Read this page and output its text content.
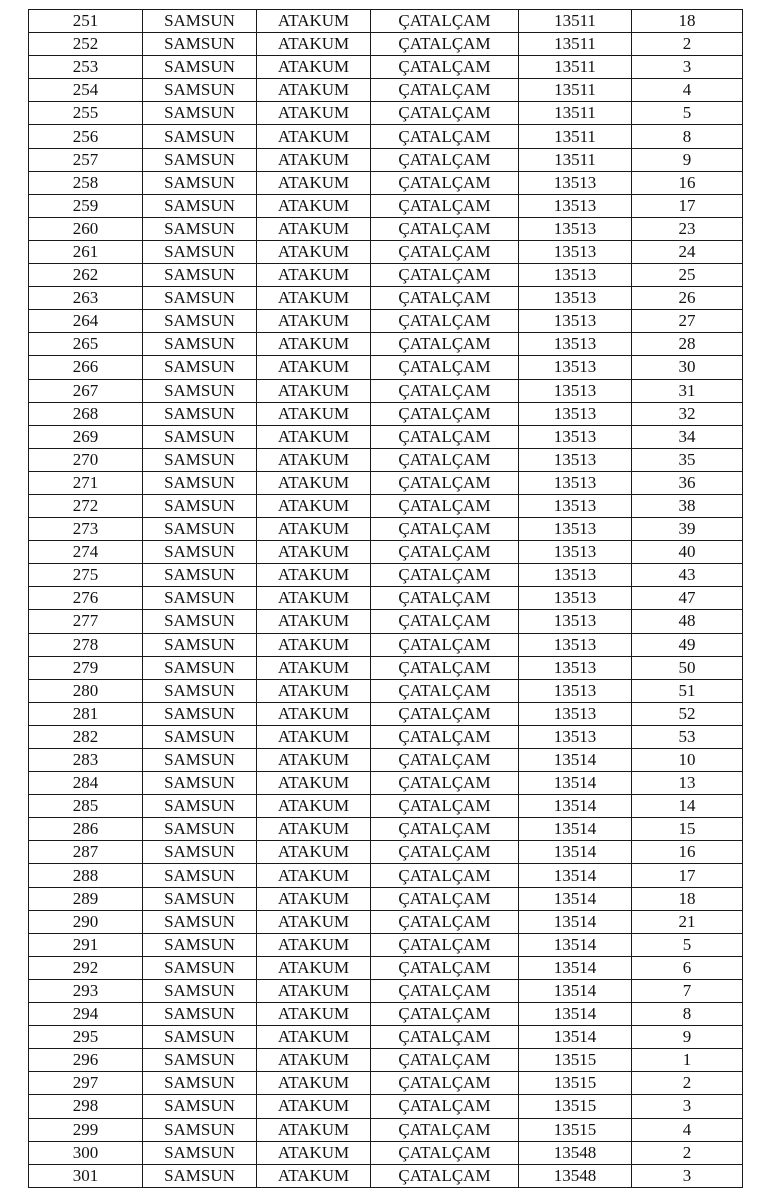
251	SAMSUN	ATAKUM	ÇATALÇAM	13511	18
252	SAMSUN	ATAKUM	ÇATALÇAM	13511	2
253	SAMSUN	ATAKUM	ÇATALÇAM	13511	3
254	SAMSUN	ATAKUM	ÇATALÇAM	13511	4
255	SAMSUN	ATAKUM	ÇATALÇAM	13511	5
256	SAMSUN	ATAKUM	ÇATALÇAM	13511	8
257	SAMSUN	ATAKUM	ÇATALÇAM	13511	9
258	SAMSUN	ATAKUM	ÇATALÇAM	13513	16
259	SAMSUN	ATAKUM	ÇATALÇAM	13513	17
260	SAMSUN	ATAKUM	ÇATALÇAM	13513	23
261	SAMSUN	ATAKUM	ÇATALÇAM	13513	24
262	SAMSUN	ATAKUM	ÇATALÇAM	13513	25
263	SAMSUN	ATAKUM	ÇATALÇAM	13513	26
264	SAMSUN	ATAKUM	ÇATALÇAM	13513	27
265	SAMSUN	ATAKUM	ÇATALÇAM	13513	28
266	SAMSUN	ATAKUM	ÇATALÇAM	13513	30
267	SAMSUN	ATAKUM	ÇATALÇAM	13513	31
268	SAMSUN	ATAKUM	ÇATALÇAM	13513	32
269	SAMSUN	ATAKUM	ÇATALÇAM	13513	34
270	SAMSUN	ATAKUM	ÇATALÇAM	13513	35
271	SAMSUN	ATAKUM	ÇATALÇAM	13513	36
272	SAMSUN	ATAKUM	ÇATALÇAM	13513	38
273	SAMSUN	ATAKUM	ÇATALÇAM	13513	39
274	SAMSUN	ATAKUM	ÇATALÇAM	13513	40
275	SAMSUN	ATAKUM	ÇATALÇAM	13513	43
276	SAMSUN	ATAKUM	ÇATALÇAM	13513	47
277	SAMSUN	ATAKUM	ÇATALÇAM	13513	48
278	SAMSUN	ATAKUM	ÇATALÇAM	13513	49
279	SAMSUN	ATAKUM	ÇATALÇAM	13513	50
280	SAMSUN	ATAKUM	ÇATALÇAM	13513	51
281	SAMSUN	ATAKUM	ÇATALÇAM	13513	52
282	SAMSUN	ATAKUM	ÇATALÇAM	13513	53
283	SAMSUN	ATAKUM	ÇATALÇAM	13514	10
284	SAMSUN	ATAKUM	ÇATALÇAM	13514	13
285	SAMSUN	ATAKUM	ÇATALÇAM	13514	14
286	SAMSUN	ATAKUM	ÇATALÇAM	13514	15
287	SAMSUN	ATAKUM	ÇATALÇAM	13514	16
288	SAMSUN	ATAKUM	ÇATALÇAM	13514	17
289	SAMSUN	ATAKUM	ÇATALÇAM	13514	18
290	SAMSUN	ATAKUM	ÇATALÇAM	13514	21
291	SAMSUN	ATAKUM	ÇATALÇAM	13514	5
292	SAMSUN	ATAKUM	ÇATALÇAM	13514	6
293	SAMSUN	ATAKUM	ÇATALÇAM	13514	7
294	SAMSUN	ATAKUM	ÇATALÇAM	13514	8
295	SAMSUN	ATAKUM	ÇATALÇAM	13514	9
296	SAMSUN	ATAKUM	ÇATALÇAM	13515	1
297	SAMSUN	ATAKUM	ÇATALÇAM	13515	2
298	SAMSUN	ATAKUM	ÇATALÇAM	13515	3
299	SAMSUN	ATAKUM	ÇATALÇAM	13515	4
300	SAMSUN	ATAKUM	ÇATALÇAM	13548	2
301	SAMSUN	ATAKUM	ÇATALÇAM	13548	3
